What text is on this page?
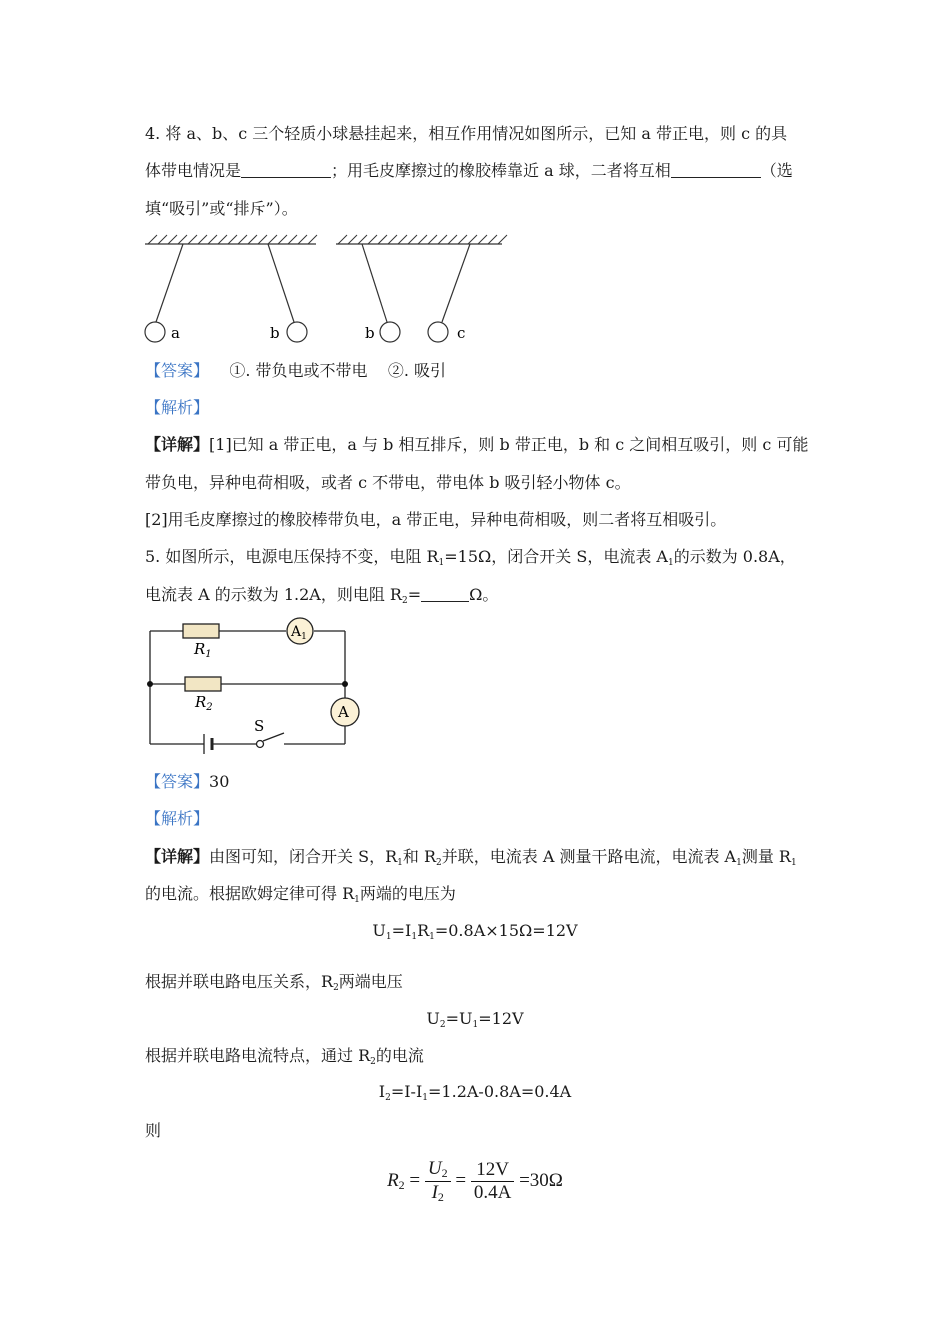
4. 将 a、b、c 三个轻质小球悬挂起来，相互作用情况如图所示，已知 a 带正电，则 c 的具
体带电情况是	；用毛皮摩擦过的橡胶棒靠近 a 球，二者将互相	（选
填“吸引”或“排斥”）。
a	b	b	c
【答案】 ①. 带负电或不带电    ②. 吸引
【解析】
【详解】[1]已知 a 带正电，a 与 b 相互排斥，则 b 带正电，b 和 c 之间相互吸引，则 c 可能
带负电，异种电荷相吸，或者 c 不带电，带电体 b 吸引轻小物体 c。
[2]用毛皮摩擦过的橡胶棒带负电，a 带正电，异种电荷相吸，则二者将互相吸引。
5. 如图所示，电源电压保持不变，电阻 $R_1=15\Omega$，闭合开关 S，电流表 $A_1$的示数为 0.8A，
电流表 A 的示数为 1.2A，则电阻 $R_2=$	Ω。
$R_1$
$R_2$
$A_1$
A
S
【答案】30
【解析】
【详解】由图可知，闭合开关 S，$R_1$和 $R_2$并联，电流表 A 测量干路电流，电流表 $A_1$测量 $R_1$
的电流。根据欧姆定律可得 $R_1$两端的电压为
$U_1=I_1R_1=0.8A\times 15\Omega=12V$
根据并联电路电压关系，$R_2$两端电压
$U_2=U_1=12V$
根据并联电路电流特点，通过 $R_2$的电流
$I_2=I-I_1=1.2A-0.8A=0.4A$
则
$R_2 = \frac{U_2}{I_2} = \frac{12V}{0.4A} =30\Omega$
